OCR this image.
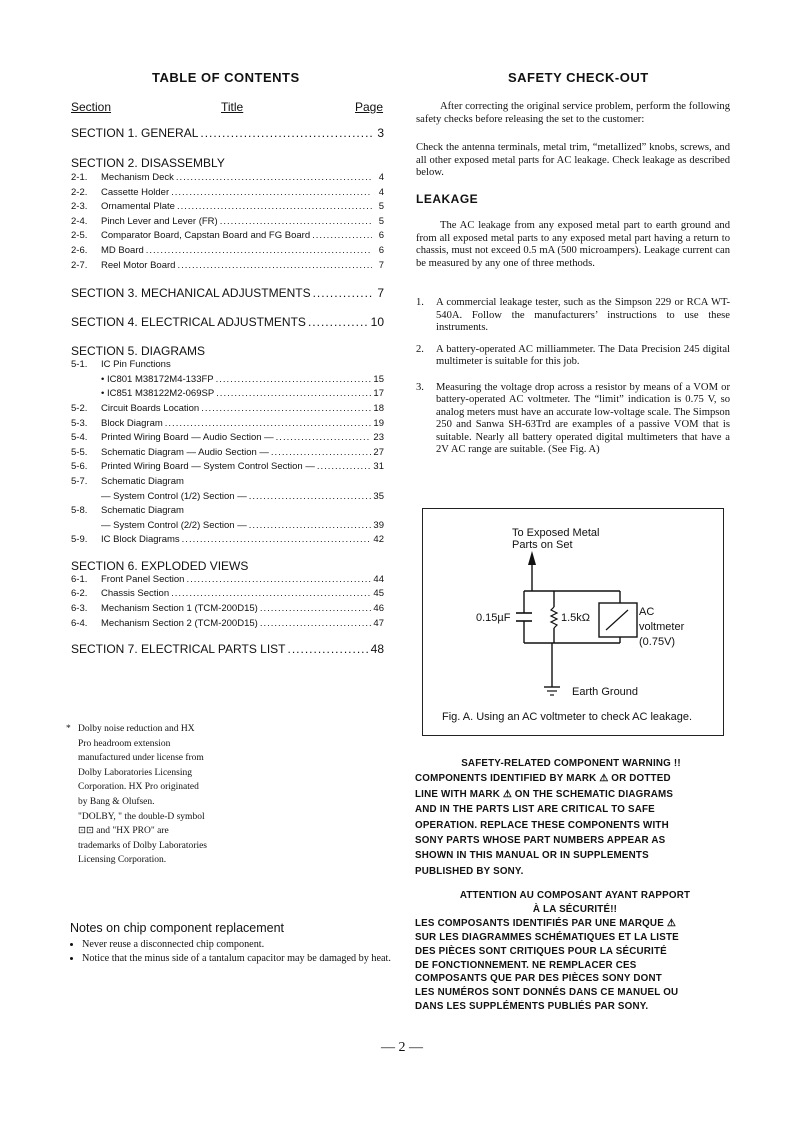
TABLE OF CONTENTS
Section	Title	Page
SECTION 1. GENERAL .....	3
SECTION 2. DISASSEMBLY
2-1.	Mechanism Deck .....	4
2-2.	Cassette Holder .....	4
2-3.	Ornamental Plate .....	5
2-4.	Pinch Lever and Lever (FR) .....	5
2-5.	Comparator Board, Capstan Board and FG Board .....	6
2-6.	MD Board .....	6
2-7.	Reel Motor Board .....	7
SECTION 3. MECHANICAL ADJUSTMENTS .....	7
SECTION 4. ELECTRICAL ADJUSTMENTS .....	10
SECTION 5. DIAGRAMS
5-1.	IC Pin Functions
• IC801 M38172M4-133FP .....	15
• IC851 M38122M2-069SP .....	17
5-2.	Circuit Boards Location .....	18
5-3.	Block Diagram .....	19
5-4.	Printed Wiring Board — Audio Section — .....	23
5-5.	Schematic Diagram — Audio Section — .....	27
5-6.	Printed Wiring Board — System Control Section — .....	31
5-7.	Schematic Diagram
— System Control (1/2) Section — .....	35
5-8.	Schematic Diagram
— System Control (2/2) Section — .....	39
5-9.	IC Block Diagrams .....	42
SECTION 6. EXPLODED VIEWS
6-1.	Front Panel Section .....	44
6-2.	Chassis Section .....	45
6-3.	Mechanism Section 1 (TCM-200D15) .....	46
6-4.	Mechanism Section 2 (TCM-200D15) .....	47
SECTION 7. ELECTRICAL PARTS LIST .....	48
* Dolby noise reduction and HX
Pro headroom extension
manufactured under license from
Dolby Laboratories Licensing
Corporation. HX Pro originated
by Bang & Olufsen.
"DOLBY, " the double-D symbol
⊡⊡ and "HX PRO" are
trademarks of Dolby Laboratories
Licensing Corporation.
Notes on chip component replacement
• Never reuse a disconnected chip component.
• Notice that the minus side of a tantalum capacitor may be damaged by heat.
SAFETY CHECK-OUT
After correcting the original service problem, perform the following safety checks before releasing the set to the customer:
Check the antenna terminals, metal trim, “metallized” knobs, screws, and all other exposed metal parts for AC leakage. Check leakage as described below.
LEAKAGE
The AC leakage from any exposed metal part to earth ground and from all exposed metal parts to any exposed metal part having a return to chassis, must not exceed 0.5 mA (500 microampers). Leakage current can be measured by any one of three methods.
1.	A commercial leakage tester, such as the Simpson 229 or RCA WT-540A. Follow the manufacturers’ instructions to use these instruments.
2.	A battery-operated AC milliammeter. The Data Precision 245 digital multimeter is suitable for this job.
3.	Measuring the voltage drop across a resistor by means of a VOM or battery-operated AC voltmeter. The “limit” indication is 0.75 V, so analog meters must have an accurate low-voltage scale. The Simpson 250 and Sanwa SH-63Trd are examples of a passive VOM that is suitable. Nearly all battery operated digital multimeters that have a 2V AC range are suitable. (See Fig. A)
To Exposed Metal
Parts on Set
0.15µF	1.5kΩ	AC
voltmeter
(0.75V)
Earth Ground
Fig. A. Using an AC voltmeter to check AC leakage.
SAFETY-RELATED COMPONENT WARNING !!
COMPONENTS IDENTIFIED BY MARK ⚠ OR DOTTED
LINE WITH MARK ⚠ ON THE SCHEMATIC DIAGRAMS
AND IN THE PARTS LIST ARE CRITICAL TO SAFE
OPERATION. REPLACE THESE COMPONENTS WITH
SONY PARTS WHOSE PART NUMBERS APPEAR AS
SHOWN IN THIS MANUAL OR IN SUPPLEMENTS
PUBLISHED BY SONY.
ATTENTION AU COMPOSANT AYANT RAPPORT
À LA SÉCURITÉ!!
LES COMPOSANTS IDENTIFIÉS PAR UNE MARQUE ⚠
SUR LES DIAGRAMMES SCHÉMATIQUES ET LA LISTE
DES PIÈCES SONT CRITIQUES POUR LA SÉCURITÉ
DE FONCTIONNEMENT. NE REMPLACER CES
COMPOSANTS QUE PAR DES PIÈCES SONY DONT
LES NUMÉROS SONT DONNÉS DANS CE MANUEL OU
DANS LES SUPPLÉMENTS PUBLIÉS PAR SONY.
— 2 —
